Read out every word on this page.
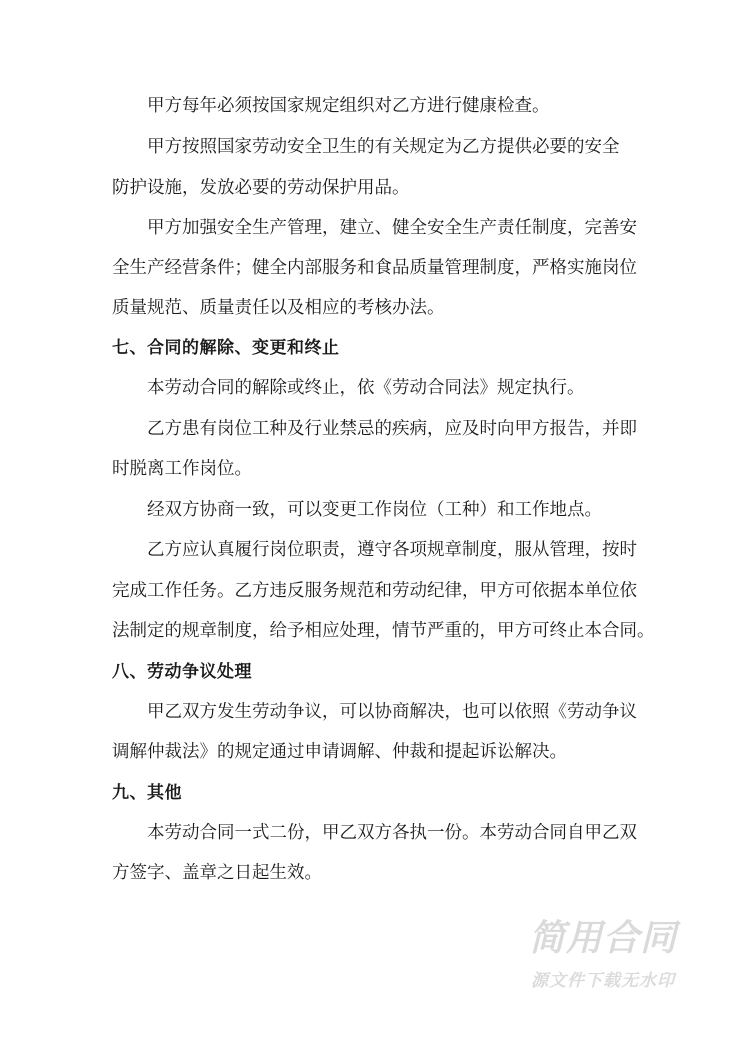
甲方每年必须按国家规定组织对乙方进行健康检查。
甲方按照国家劳动安全卫生的有关规定为乙方提供必要的安全
防护设施，发放必要的劳动保护用品。
甲方加强安全生产管理，建立、健全安全生产责任制度，完善安
全生产经营条件；健全内部服务和食品质量管理制度，严格实施岗位
质量规范、质量责任以及相应的考核办法。
七、合同的解除、变更和终止
本劳动合同的解除或终止，依《劳动合同法》规定执行。
乙方患有岗位工种及行业禁忌的疾病，应及时向甲方报告，并即
时脱离工作岗位。
经双方协商一致，可以变更工作岗位（工种）和工作地点。
乙方应认真履行岗位职责，遵守各项规章制度，服从管理，按时
完成工作任务。乙方违反服务规范和劳动纪律，甲方可依据本单位依
法制定的规章制度，给予相应处理，情节严重的，甲方可终止本合同。
八、劳动争议处理
甲乙双方发生劳动争议，可以协商解决，也可以依照《劳动争议
调解仲裁法》的规定通过申请调解、仲裁和提起诉讼解决。
九、其他
本劳动合同一式二份，甲乙双方各执一份。本劳动合同自甲乙双
方签字、盖章之日起生效。
简用合同
源文件下载无水印
